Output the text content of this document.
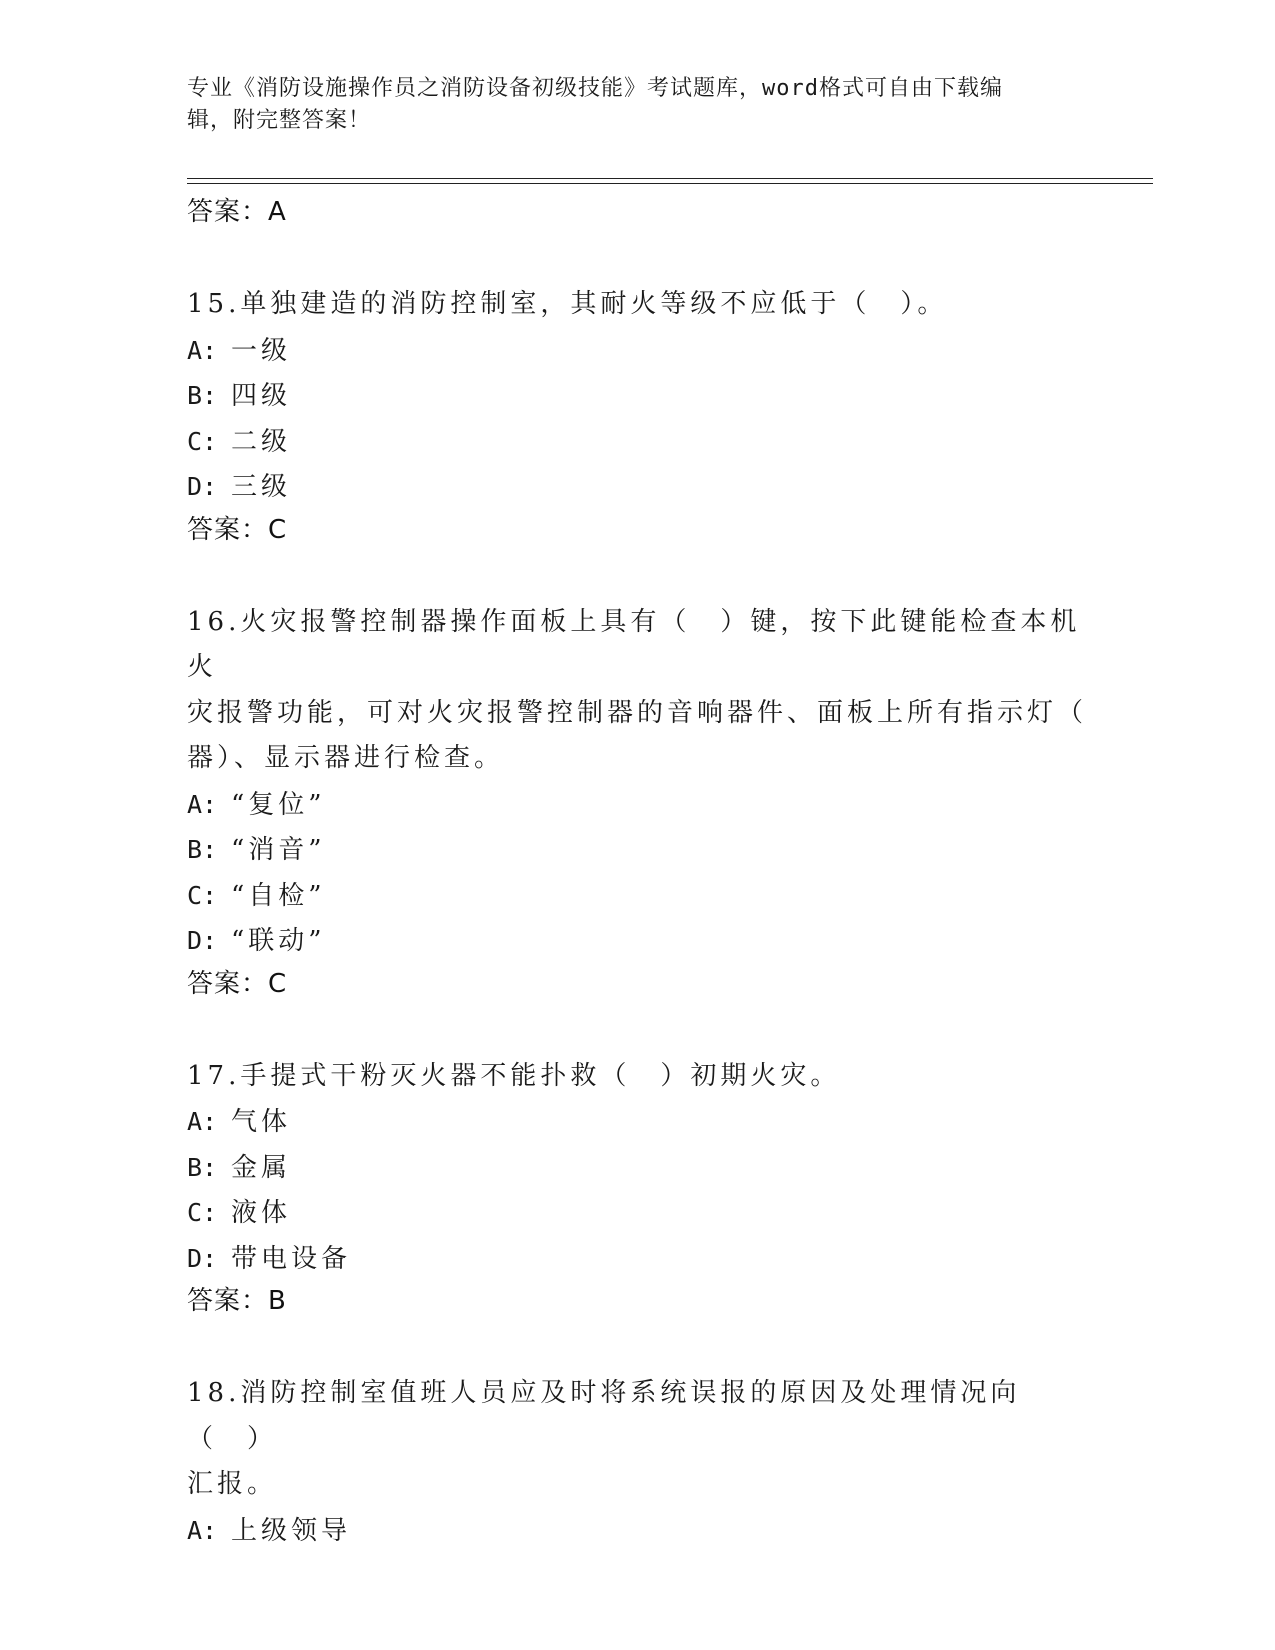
专业《消防设施操作员之消防设备初级技能》考试题库，word格式可自由下载编
辑，附完整答案！
答案：A
15.单独建造的消防控制室，其耐火等级不应低于（　）。
A: 一级
B: 四级
C: 二级
D: 三级
答案：C
16.火灾报警控制器操作面板上具有（　）键，按下此键能检查本机火
灾报警功能，可对火灾报警控制器的音响器件、面板上所有指示灯（
器）、显示器进行检查。
A: “复位”
B: “消音”
C: “自检”
D: “联动”
答案：C
17.手提式干粉灭火器不能扑救（　）初期火灾。
A: 气体
B: 金属
C: 液体
D: 带电设备
答案：B
18.消防控制室值班人员应及时将系统误报的原因及处理情况向（　）
汇报。
A: 上级领导
